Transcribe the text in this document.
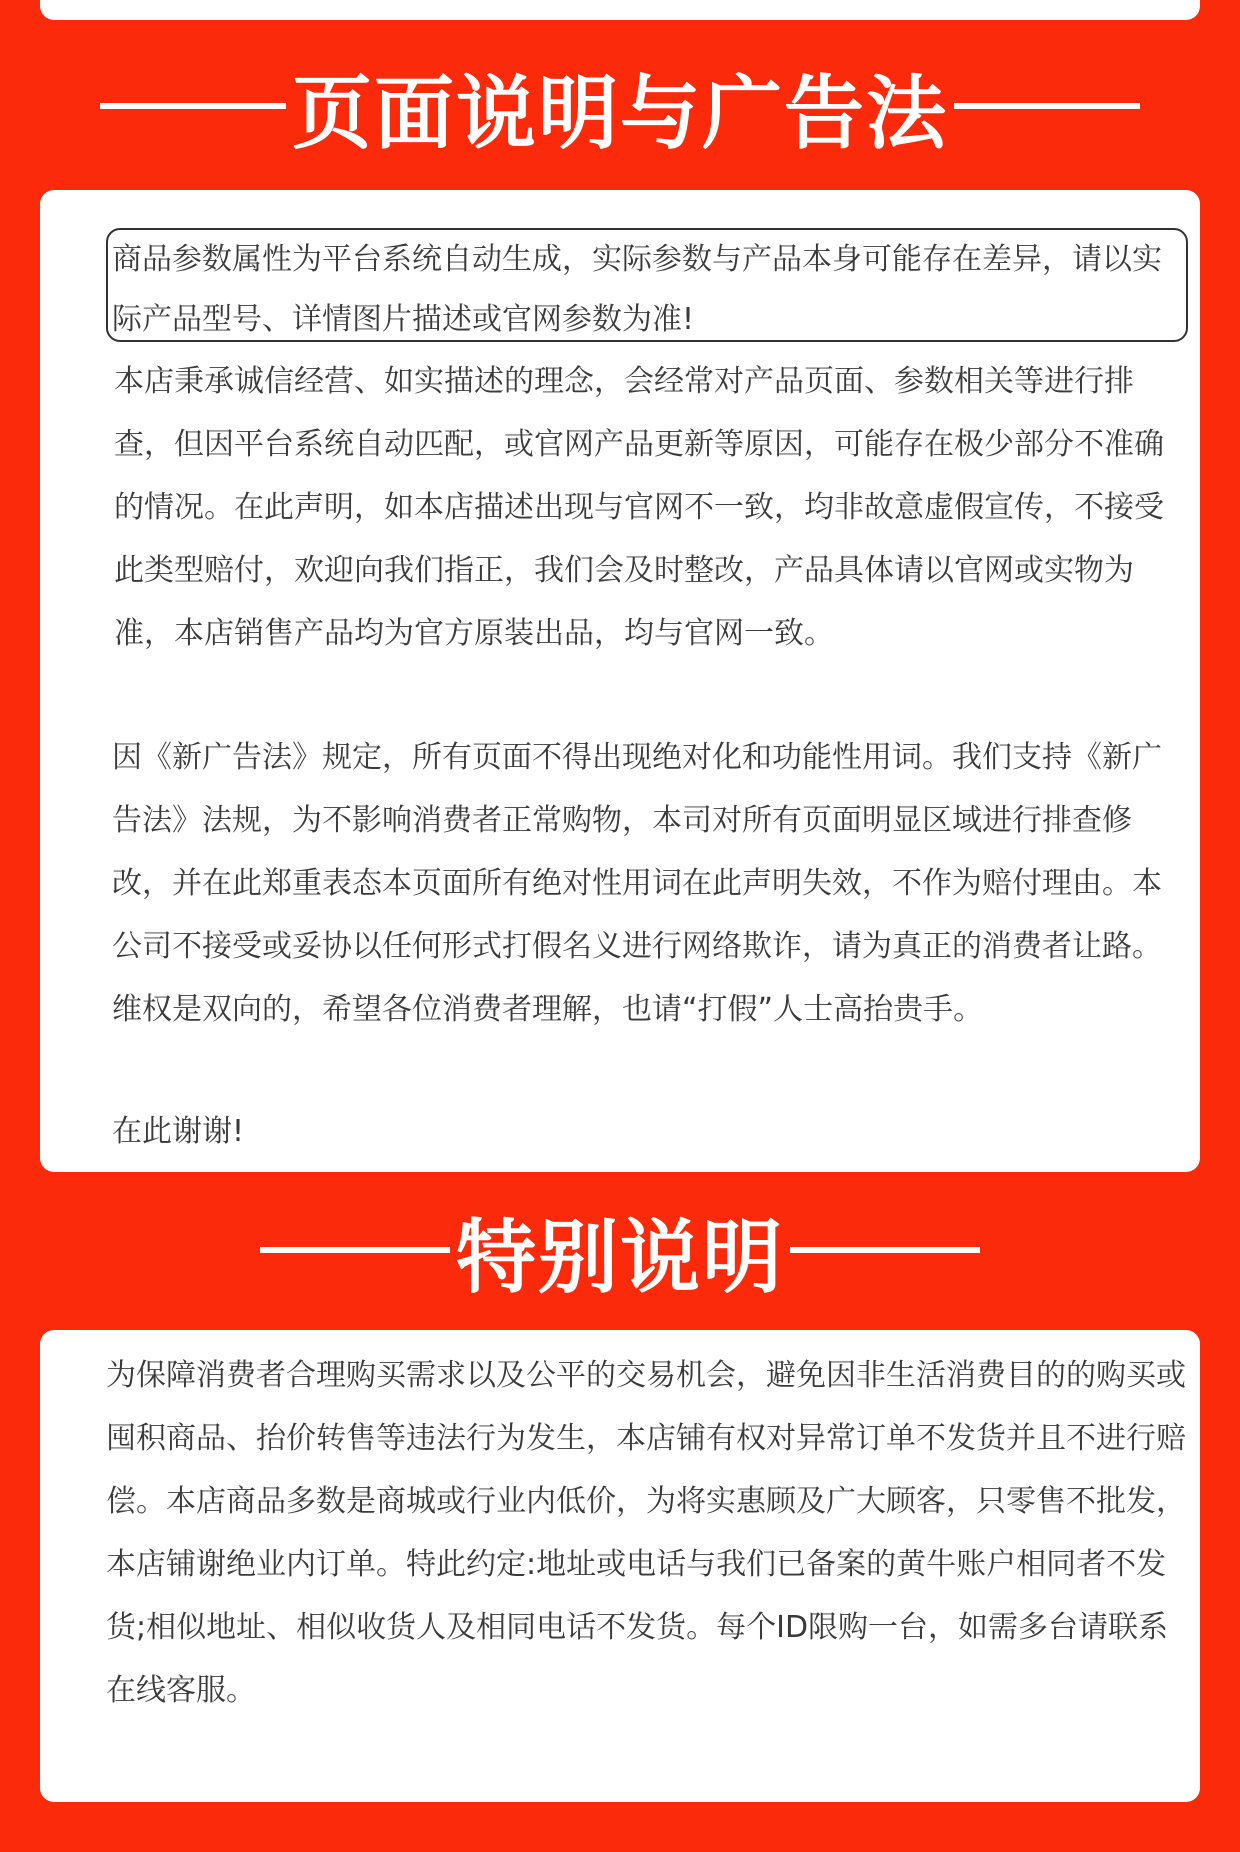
页面说明与广告法
商品参数属性为平台系统自动生成，实际参数与产品本身可能存在差异，请以实际产品型号、详情图片描述或官网参数为准!
本店秉承诚信经营、如实描述的理念，会经常对产品页面、参数相关等进行排查，但因平台系统自动匹配，或官网产品更新等原因，可能存在极少部分不准确的情况。在此声明，如本店描述出现与官网不一致，均非故意虚假宣传，不接受此类型赔付，欢迎向我们指正，我们会及时整改，产品具体请以官网或实物为准，本店销售产品均为官方原装出品，均与官网一致。
因《新广告法》规定，所有页面不得出现绝对化和功能性用词。我们支持《新广告法》法规，为不影响消费者正常购物，本司对所有页面明显区域进行排查修改，并在此郑重表态本页面所有绝对性用词在此声明失效，不作为赔付理由。本公司不接受或妥协以任何形式打假名义进行网络欺诈，请为真正的消费者让路。维权是双向的，希望各位消费者理解，也请“打假”人士高抬贵手。
在此谢谢!
特别说明
为保障消费者合理购买需求以及公平的交易机会，避免因非生活消费目的的购买或囤积商品、抬价转售等违法行为发生，本店铺有权对异常订单不发货并且不进行赔偿。本店商品多数是商城或行业内低价，为将实惠顾及广大顾客，只零售不批发，本店铺谢绝业内订单。特此约定:地址或电话与我们已备案的黄牛账户相同者不发货;相似地址、相似收货人及相同电话不发货。每个ID限购一台，如需多台请联系在线客服。
